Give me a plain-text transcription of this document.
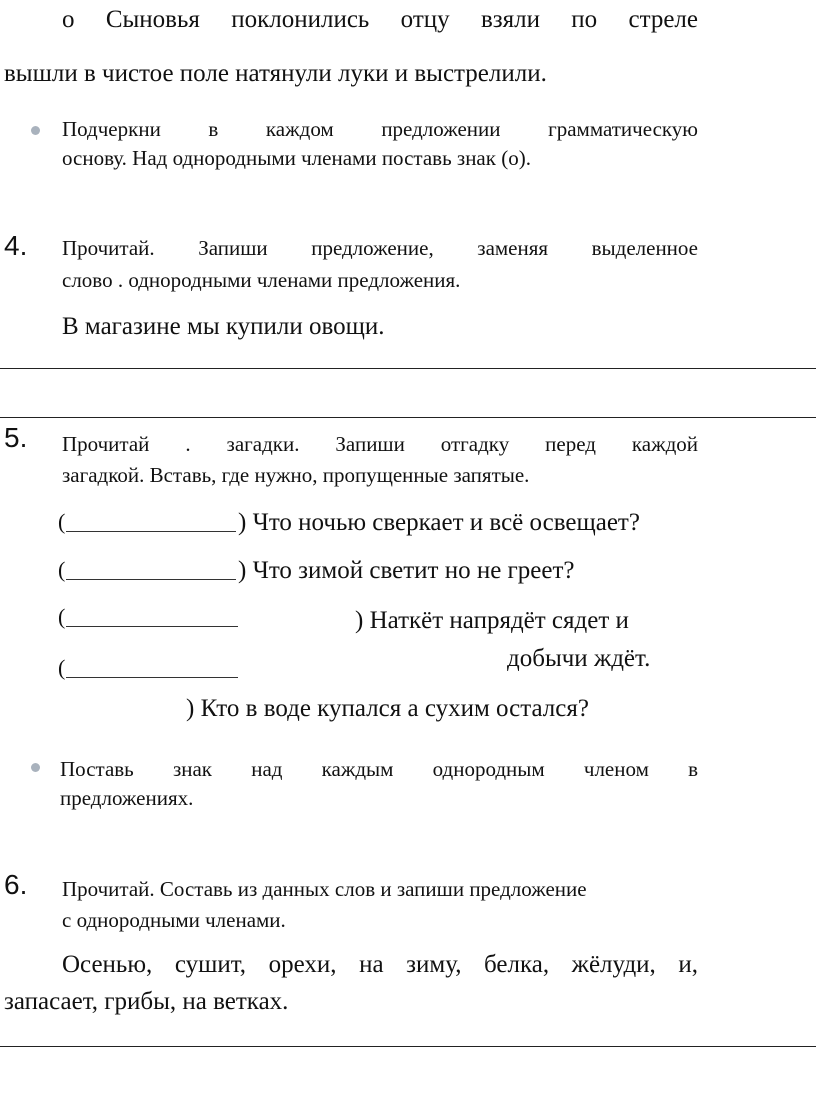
о Сыновья поклонились отцу взяли по стреле
вышли в чистое поле натянули луки и выстрелили.
Подчеркни в каждом предложении грамматическую
основу. Над однородными членами поставь знак (о).
4. Прочитай. Запиши предложение, заменяя выделенное
слово . однородными членами предложения.
В магазине мы купили овощи.
5. Прочитай . загадки. Запиши отгадку перед каждой
загадкой. Вставь, где нужно, пропущенные запятые.
(
(
(
(
) Что ночью сверкает и всё освещает?
) Что зимой светит но не греет?
) Наткёт напрядёт сядет и
добычи ждёт.
) Кто в воде купался а сухим остался?
Поставь знак над каждым однородным членом в
предложениях.
6. Прочитай. Составь из данных слов и запиши предложение
с однородными членами.
Осенью, сушит, орехи, на зиму, белка, жёлуди, и,
запасает, грибы, на ветках.
